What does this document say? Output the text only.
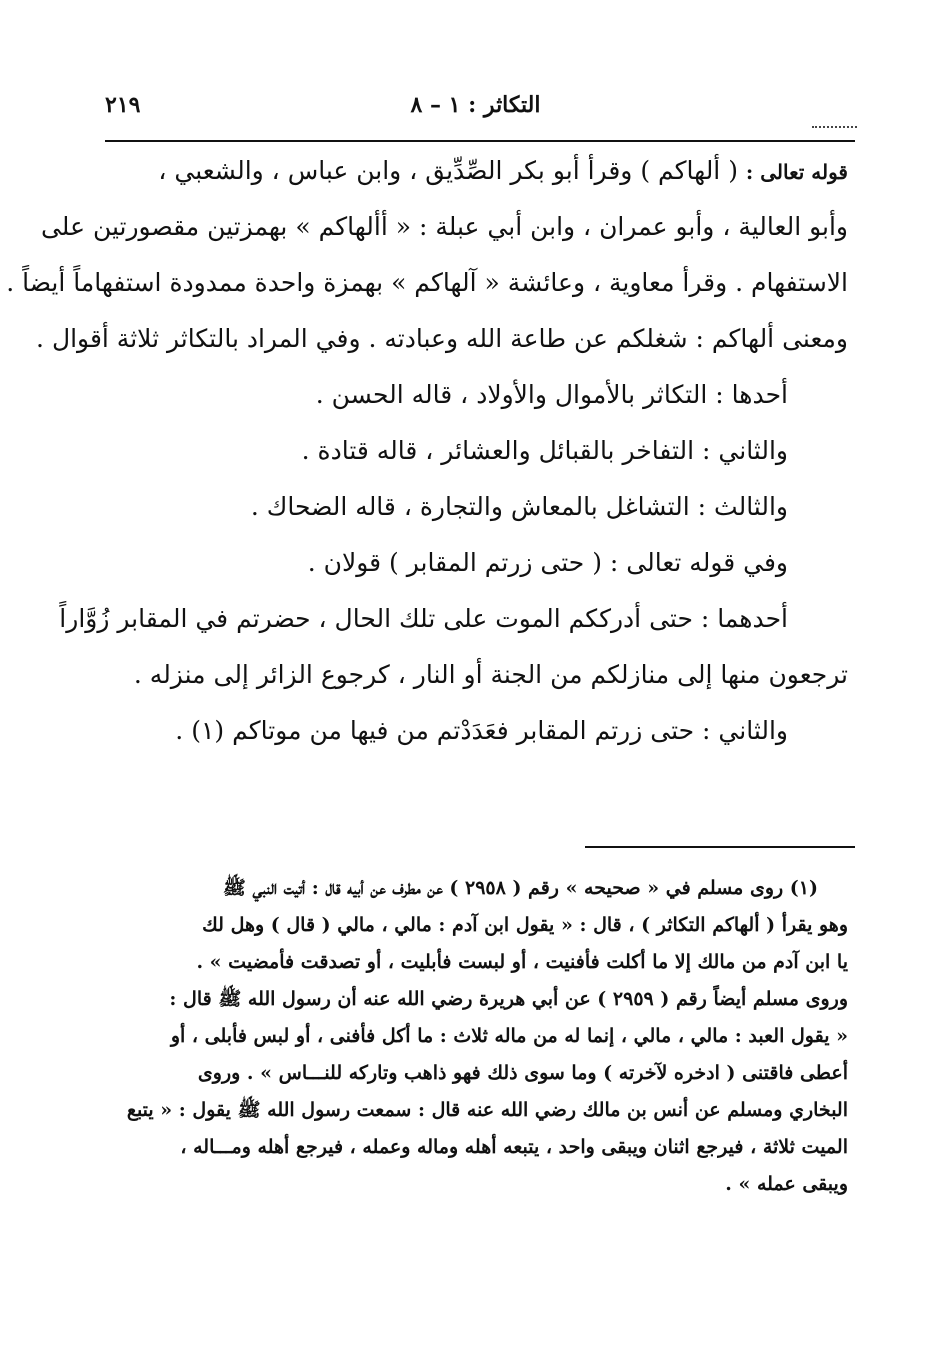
التكاثر : ١ – ٨
٢١٩
قوله تعالى : ( ألهاكم ) وقرأ أبو بكر الصِّدِّيق ، وابن عباس ، والشعبي ،
وأبو العالية ، وأبو عمران ، وابن أبي عبلة : « أألهاكم » بهمزتين مقصورتين على
الاستفهام . وقرأ معاوية ، وعائشة « آلهاكم » بهمزة واحدة ممدودة استفهاماً أيضاً .
ومعنى ألهاكم : شغلكم عن طاعة الله وعبادته . وفي المراد بالتكاثر ثلاثة أقوال .
أحدها : التكاثر بالأموال والأولاد ، قاله الحسن .
والثاني : التفاخر بالقبائل والعشائر ، قاله قتادة .
والثالث : التشاغل بالمعاش والتجارة ، قاله الضحاك .
وفي قوله تعالى : ( حتى زرتم المقابر ) قولان .
أحدهما : حتى أدرككم الموت على تلك الحال ، حضرتم في المقابر زُوَّاراً
ترجعون منها إلى منازلكم من الجنة أو النار ، كرجوع الزائر إلى منزله .
والثاني : حتى زرتم المقابر فعَدَدْتم من فيها من موتاكم (١) .
(١) روى مسلم في « صحيحه » رقم ( ٢٩٥٨ ) عن مطرف عن أبيه قال : أتيت النبي ﷺ
وهو يقرأ ( ألهاكم التكاثر ) ، قال : « يقول ابن آدم : مالي ، مالي ( قال ) وهل لك
يا ابن آدم من مالك إلا ما أكلت فأفنيت ، أو لبست فأبليت ، أو تصدقت فأمضيت » .
وروى مسلم أيضاً رقم ( ٢٩٥٩ ) عن أبي هريرة رضي الله عنه أن رسول الله ﷺ قال :
« يقول العبد : مالي ، مالي ، إنما له من ماله ثلاث : ما أكل فأفنى ، أو لبس فأبلى ، أو
أعطى فاقتنى ( ادخره لآخرته ) وما سوى ذلك فهو ذاهب وتاركه للنـــاس » . وروى
البخاري ومسلم عن أنس بن مالك رضي الله عنه قال : سمعت رسول الله ﷺ يقول : « يتبع
الميت ثلاثة ، فيرجع اثنان ويبقى واحد ، يتبعه أهله وماله وعمله ، فيرجع أهله ومـــاله ،
ويبقى عمله » .
